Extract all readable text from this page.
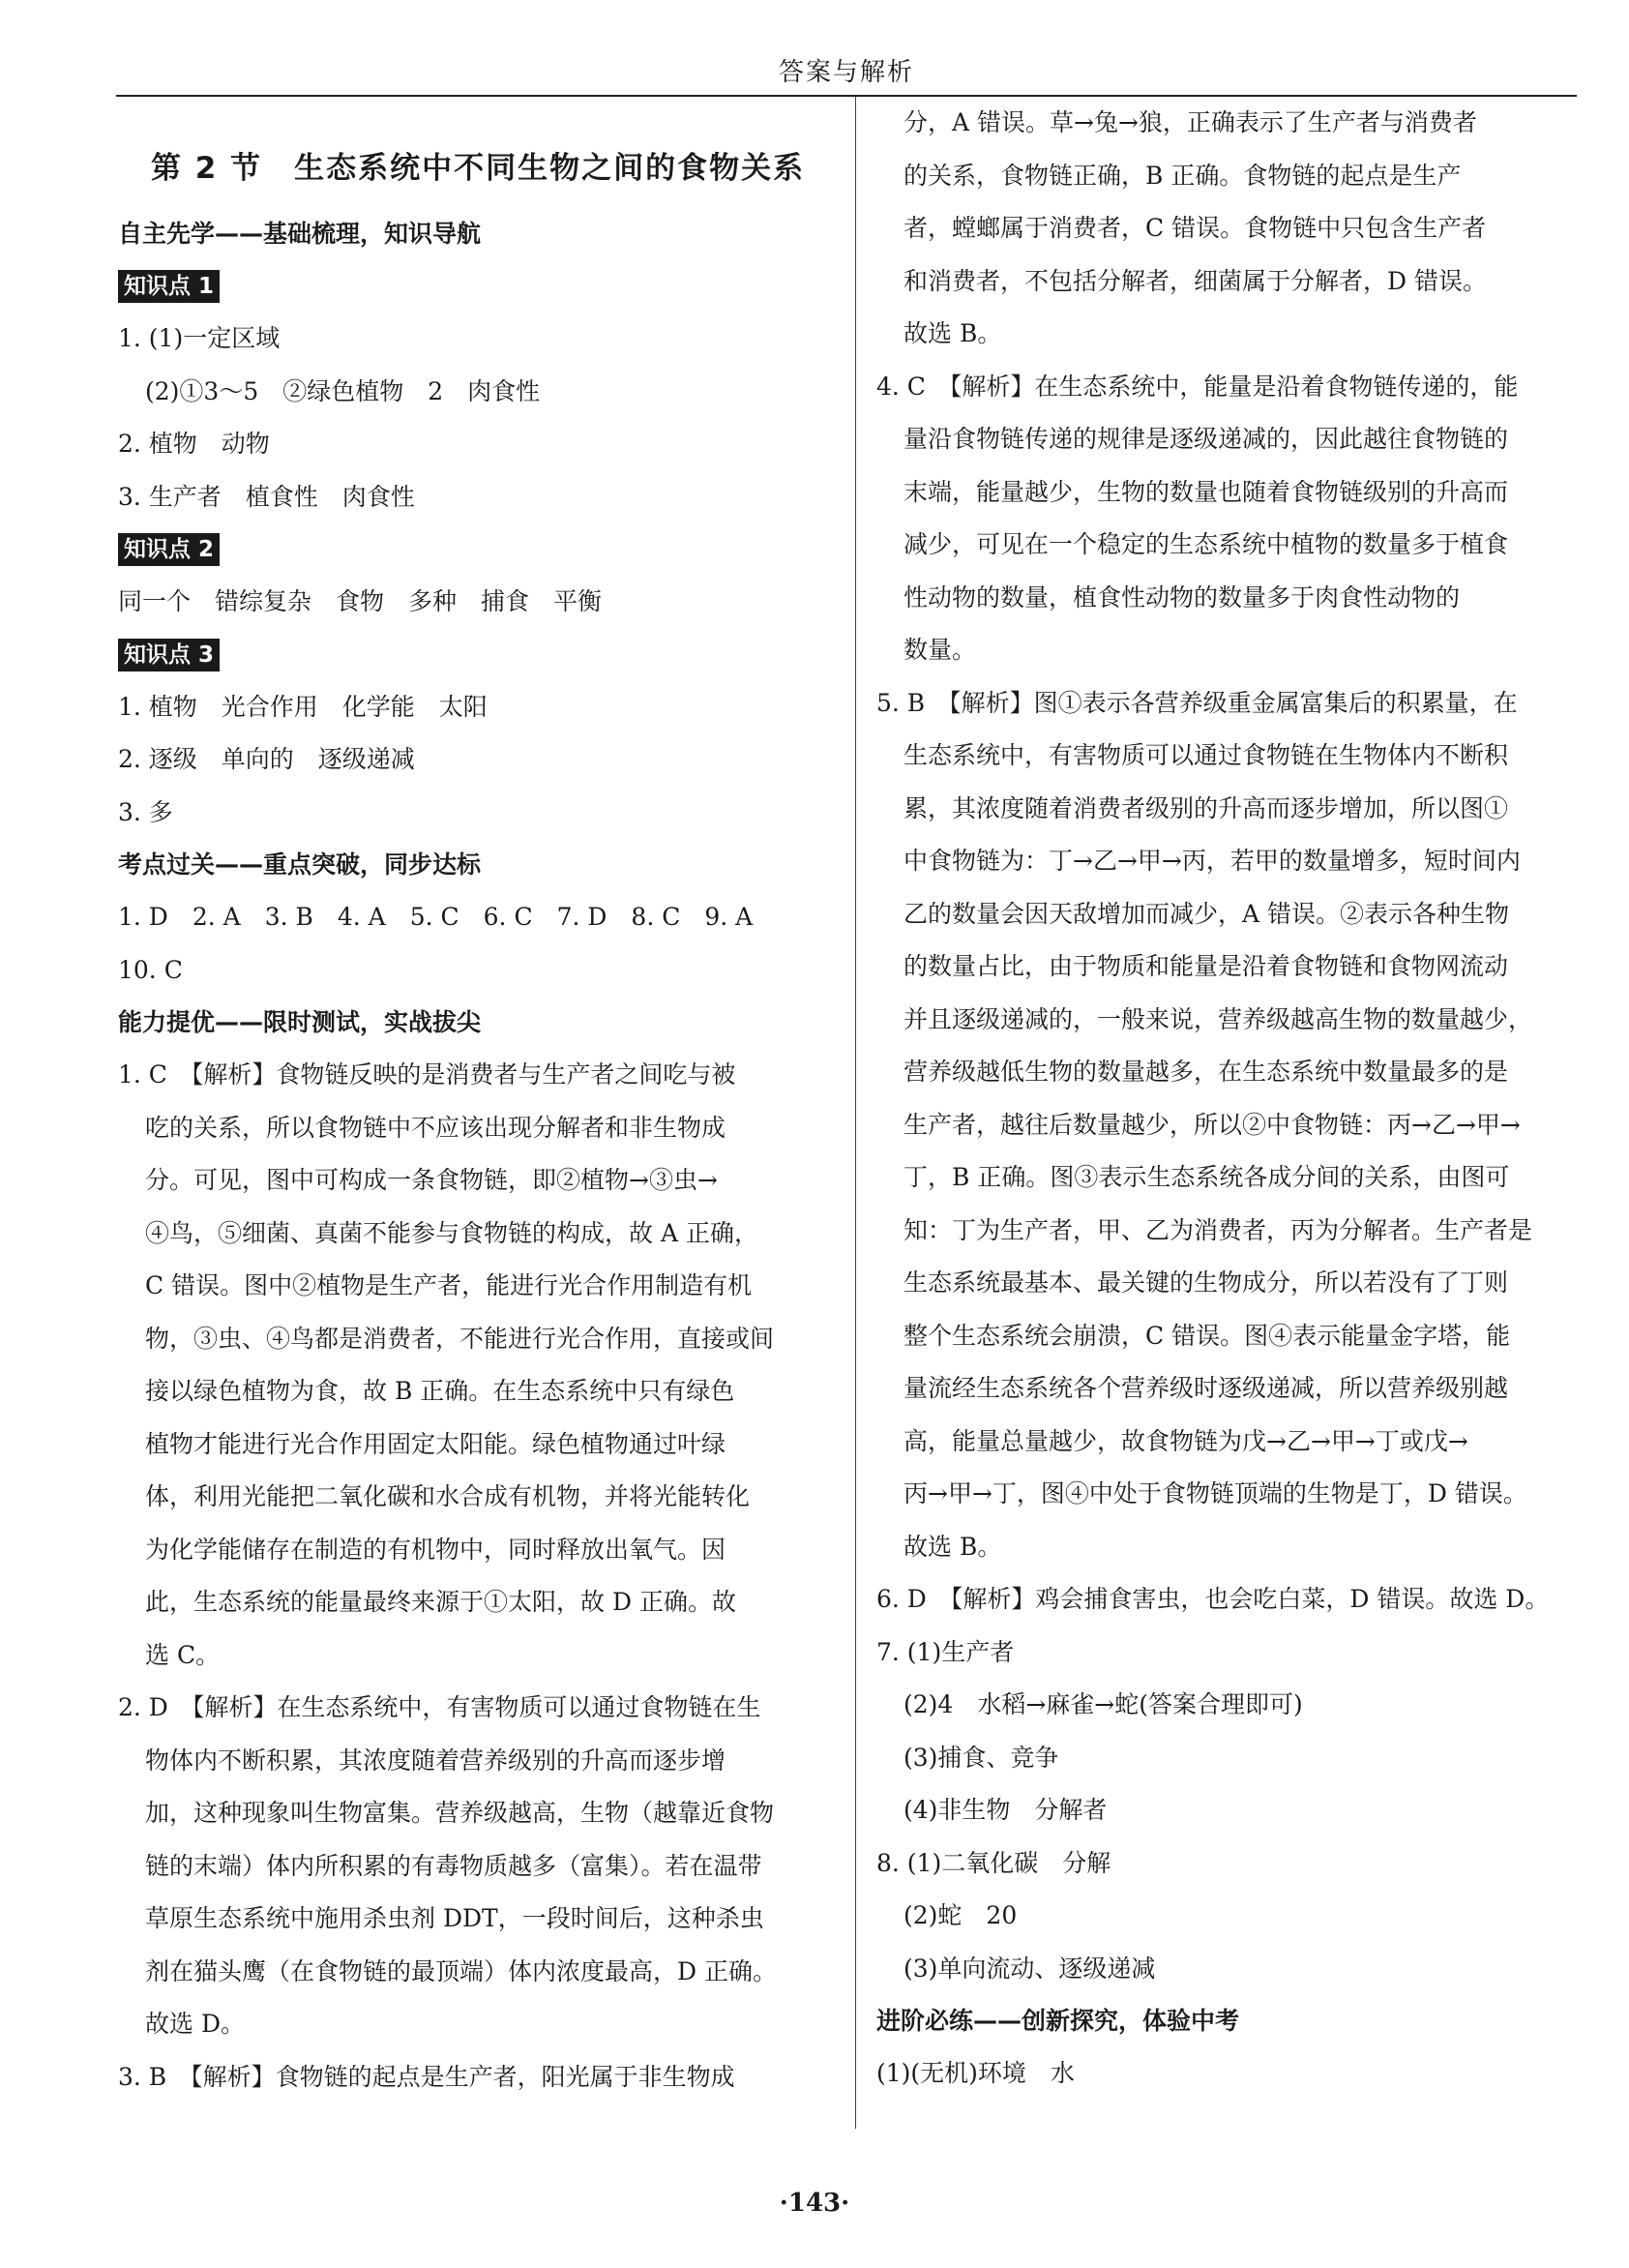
答案与解析
第 2 节　生态系统中不同生物之间的食物关系
自主先学——基础梳理，知识导航
知识点 1
1. (1)一定区域
(2)①3～5　②绿色植物　2　肉食性
2. 植物　动物
3. 生产者　植食性　肉食性
知识点 2
同一个　错综复杂　食物　多种　捕食　平衡
知识点 3
1. 植物　光合作用　化学能　太阳
2. 逐级　单向的　逐级递减
3. 多
考点过关——重点突破，同步达标
1. D　2. A　3. B　4. A　5. C　6. C　7. D　8. C　9. A
10. C
能力提优——限时测试，实战拔尖
1. C　【解析】食物链反映的是消费者与生产者之间吃与被
吃的关系，所以食物链中不应该出现分解者和非生物成
分。可见，图中可构成一条食物链，即②植物→③虫→
④鸟，⑤细菌、真菌不能参与食物链的构成，故 A 正确，
C 错误。图中②植物是生产者，能进行光合作用制造有机
物，③虫、④鸟都是消费者，不能进行光合作用，直接或间
接以绿色植物为食，故 B 正确。在生态系统中只有绿色
植物才能进行光合作用固定太阳能。绿色植物通过叶绿
体，利用光能把二氧化碳和水合成有机物，并将光能转化
为化学能储存在制造的有机物中，同时释放出氧气。因
此，生态系统的能量最终来源于①太阳，故 D 正确。故
选 C。
2. D　【解析】在生态系统中，有害物质可以通过食物链在生
物体内不断积累，其浓度随着营养级别的升高而逐步增
加，这种现象叫生物富集。营养级越高，生物（越靠近食物
链的末端）体内所积累的有毒物质越多（富集）。若在温带
草原生态系统中施用杀虫剂 DDT，一段时间后，这种杀虫
剂在猫头鹰（在食物链的最顶端）体内浓度最高，D 正确。
故选 D。
3. B　【解析】食物链的起点是生产者，阳光属于非生物成
分，A 错误。草→兔→狼，正确表示了生产者与消费者
的关系，食物链正确，B 正确。食物链的起点是生产
者，螳螂属于消费者，C 错误。食物链中只包含生产者
和消费者，不包括分解者，细菌属于分解者，D 错误。
故选 B。
4. C　【解析】在生态系统中，能量是沿着食物链传递的，能
量沿食物链传递的规律是逐级递减的，因此越往食物链的
末端，能量越少，生物的数量也随着食物链级别的升高而
减少，可见在一个稳定的生态系统中植物的数量多于植食
性动物的数量，植食性动物的数量多于肉食性动物的
数量。
5. B　【解析】图①表示各营养级重金属富集后的积累量，在
生态系统中，有害物质可以通过食物链在生物体内不断积
累，其浓度随着消费者级别的升高而逐步增加，所以图①
中食物链为：丁→乙→甲→丙，若甲的数量增多，短时间内
乙的数量会因天敌增加而减少，A 错误。②表示各种生物
的数量占比，由于物质和能量是沿着食物链和食物网流动
并且逐级递减的，一般来说，营养级越高生物的数量越少，
营养级越低生物的数量越多，在生态系统中数量最多的是
生产者，越往后数量越少，所以②中食物链：丙→乙→甲→
丁，B 正确。图③表示生态系统各成分间的关系，由图可
知：丁为生产者，甲、乙为消费者，丙为分解者。生产者是
生态系统最基本、最关键的生物成分，所以若没有了丁则
整个生态系统会崩溃，C 错误。图④表示能量金字塔，能
量流经生态系统各个营养级时逐级递减，所以营养级别越
高，能量总量越少，故食物链为戊→乙→甲→丁或戊→
丙→甲→丁，图④中处于食物链顶端的生物是丁，D 错误。
故选 B。
6. D　【解析】鸡会捕食害虫，也会吃白菜，D 错误。故选 D。
7. (1)生产者
(2)4　水稻→麻雀→蛇(答案合理即可)
(3)捕食、竞争
(4)非生物　分解者
8. (1)二氧化碳　分解
(2)蛇　20
(3)单向流动、逐级递减
进阶必练——创新探究，体验中考
(1)(无机)环境　水
·143·
